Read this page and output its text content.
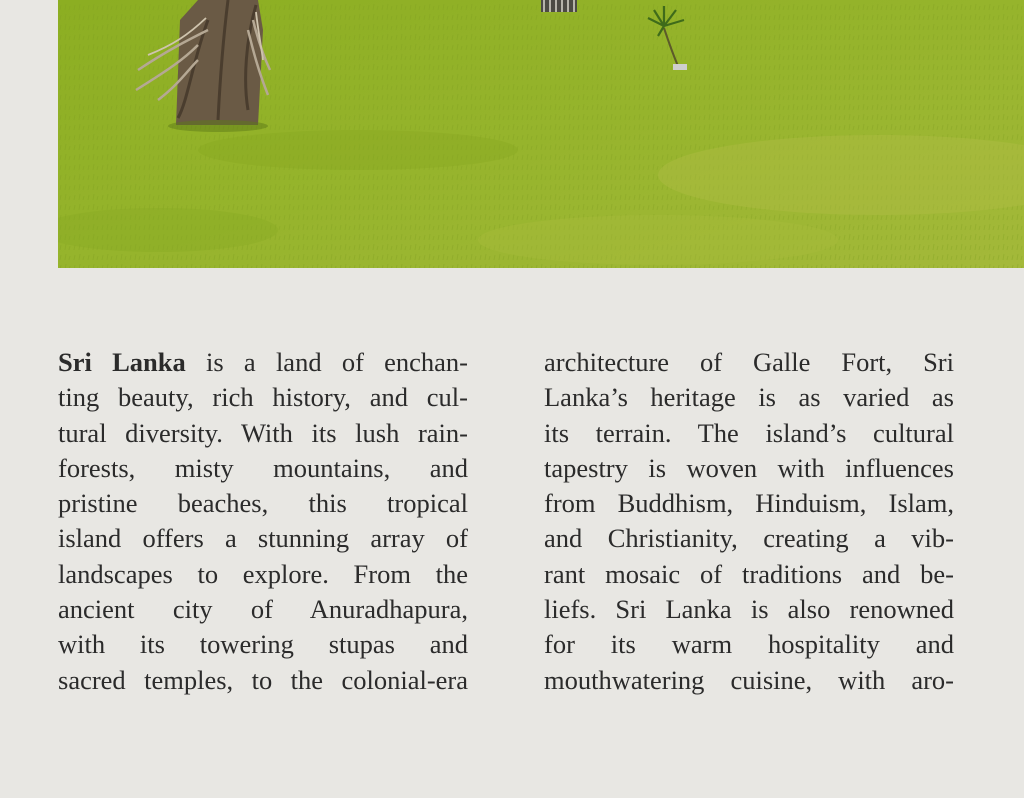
Sri Lanka is a land of enchan-
ting beauty, rich history, and cul-
tural diversity. With its lush rain-
forests, misty mountains, and
pristine beaches, this tropical
island offers a stunning array of
landscapes to explore. From the
ancient city of Anuradhapura,
with its towering stupas and
sacred temples, to the colonial-era
architecture of Galle Fort, Sri
Lanka’s heritage is as varied as
its terrain. The island’s cultural
tapestry is woven with influences
from Buddhism, Hinduism, Islam,
and Christianity, creating a vib-
rant mosaic of traditions and be-
liefs. Sri Lanka is also renowned
for its warm hospitality and
mouthwatering cuisine, with aro-
